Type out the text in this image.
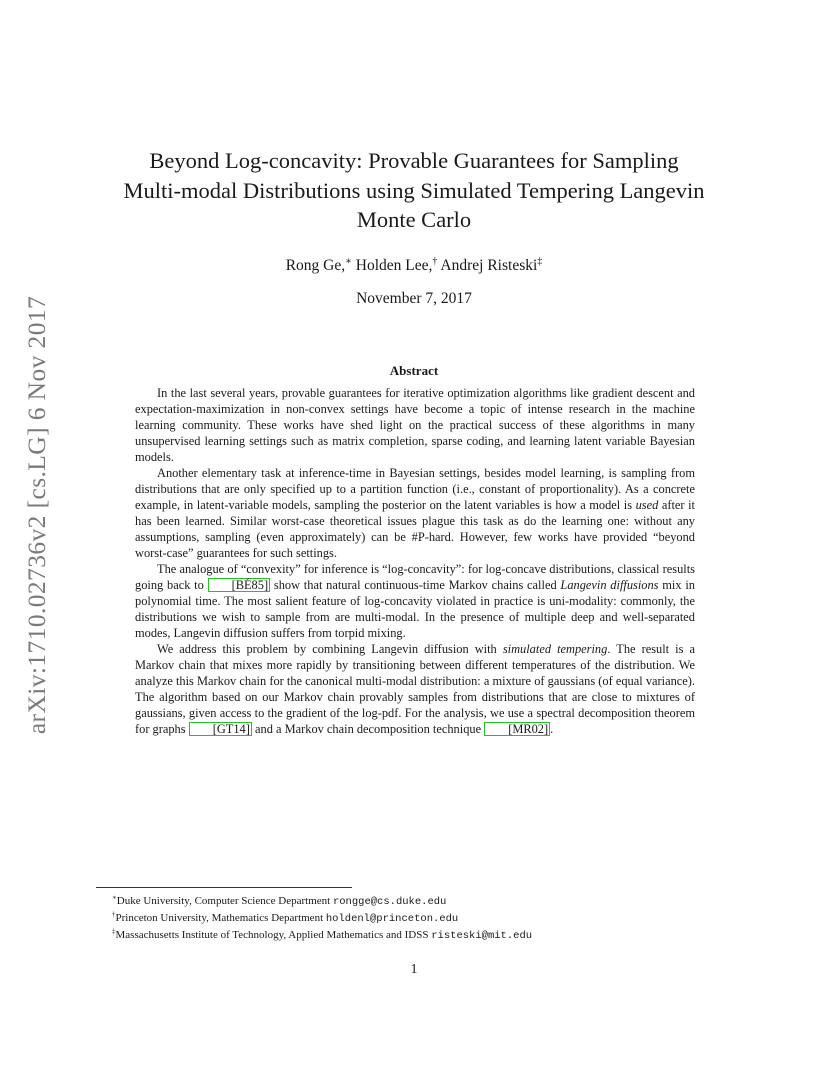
arXiv:1710.02736v2 [cs.LG] 6 Nov 2017
Beyond Log-concavity: Provable Guarantees for Sampling
Multi-modal Distributions using Simulated Tempering Langevin
Monte Carlo
Rong Ge,∗ Holden Lee,† Andrej Risteski‡
November 7, 2017
Abstract

In the last several years, provable guarantees for iterative optimization algorithms like gradient descent and expectation-maximization in non-convex settings have become a topic of intense research in the machine learning community. These works have shed light on the practical success of these algorithms in many unsupervised learning settings such as matrix completion, sparse coding, and learning latent variable Bayesian models.

Another elementary task at inference-time in Bayesian settings, besides model learning, is sampling from distributions that are only specified up to a partition function (i.e., constant of proportionality). As a concrete example, in latent-variable models, sampling the posterior on the latent variables is how a model is used after it has been learned. Similar worst-case theoretical issues plague this task as do the learning one: without any assumptions, sampling (even approximately) can be #P-hard. However, few works have provided “beyond worst-case” guarantees for such settings.

The analogue of “convexity” for inference is “log-concavity”: for log-concave distributions, classical results going back to [BÉ85] show that natural continuous-time Markov chains called Langevin diffusions mix in polynomial time. The most salient feature of log-concavity violated in practice is uni-modality: commonly, the distributions we wish to sample from are multi-modal. In the presence of multiple deep and well-separated modes, Langevin diffusion suffers from torpid mixing.

We address this problem by combining Langevin diffusion with simulated tempering. The result is a Markov chain that mixes more rapidly by transitioning between different temperatures of the distribution. We analyze this Markov chain for the canonical multi-modal distribution: a mixture of gaussians (of equal variance). The algorithm based on our Markov chain provably samples from distributions that are close to mixtures of gaussians, given access to the gradient of the log-pdf. For the analysis, we use a spectral decomposition theorem for graphs [GT14] and a Markov chain decomposition technique [MR02] .

∗Duke University, Computer Science Department rongge@cs.duke.edu
†Princeton University, Mathematics Department holdenl@princeton.edu
‡Massachusetts Institute of Technology, Applied Mathematics and IDSS risteski@mit.edu
1
